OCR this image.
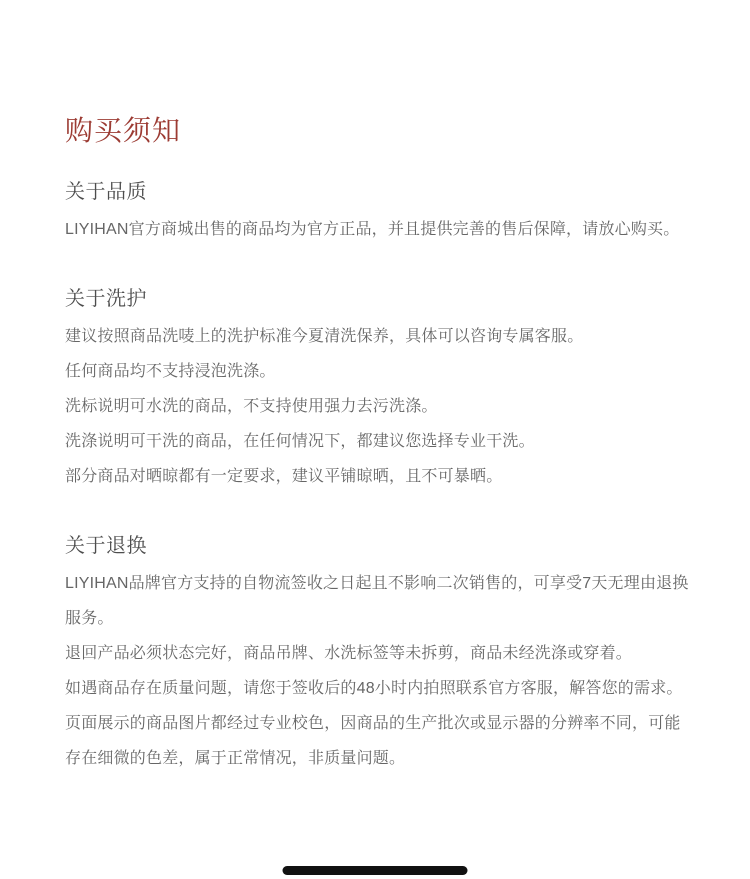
购买须知
关于品质

LIYIHAN官方商城出售的商品均为官方正品，并且提供完善的售后保障，请放心购买。

关于洗护

建议按照商品洗唛上的洗护标准今夏清洗保养，具体可以咨询专属客服。

任何商品均不支持浸泡洗涤。

洗标说明可水洗的商品，不支持使用强力去污洗涤。

洗涤说明可干洗的商品，在任何情况下，都建议您选择专业干洗。

部分商品对晒晾都有一定要求，建议平铺晾晒，且不可暴晒。

关于退换

LIYIHAN品牌官方支持的自物流签收之日起且不影响二次销售的，可享受7天无理由退换服务。

退回产品必须状态完好，商品吊牌、水洗标签等未拆剪，商品未经洗涤或穿着。

如遇商品存在质量问题，请您于签收后的48小时内拍照联系官方客服，解答您的需求。

页面展示的商品图片都经过专业校色，因商品的生产批次或显示器的分辨率不同，可能存在细微的色差，属于正常情况，非质量问题。
